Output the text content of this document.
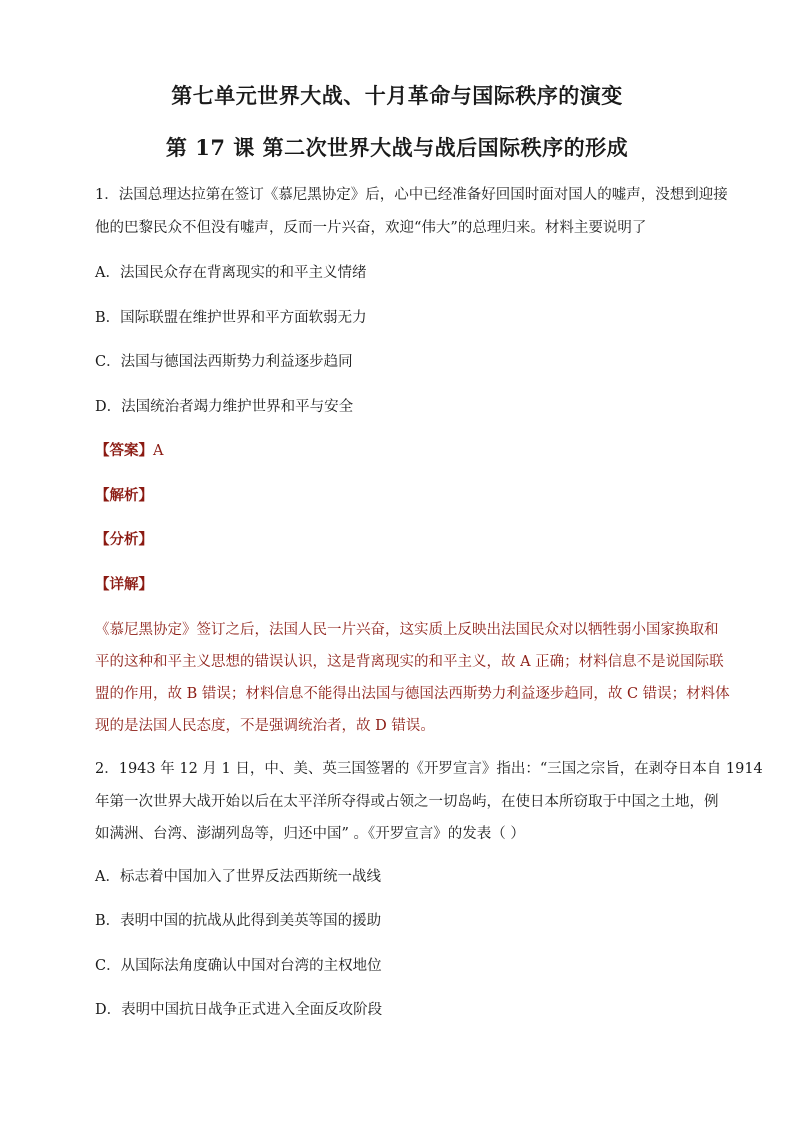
第七单元世界大战、十月革命与国际秩序的演变
第 17 课 第二次世界大战与战后国际秩序的形成
1．法国总理达拉第在签订《慕尼黑协定》后，心中已经准备好回国时面对国人的嘘声，没想到迎接
他的巴黎民众不但没有嘘声，反而一片兴奋，欢迎“伟大”的总理归来。材料主要说明了
A．法国民众存在背离现实的和平主义情绪
B．国际联盟在维护世界和平方面软弱无力
C．法国与德国法西斯势力利益逐步趋同
D．法国统治者竭力维护世界和平与安全
【答案】A
【解析】
【分析】
【详解】
《慕尼黑协定》签订之后，法国人民一片兴奋，这实质上反映出法国民众对以牺牲弱小国家换取和
平的这种和平主义思想的错误认识，这是背离现实的和平主义，故 A 正确；材料信息不是说国际联
盟的作用，故 B 错误；材料信息不能得出法国与德国法西斯势力利益逐步趋同，故 C 错误；材料体
现的是法国人民态度，不是强调统治者，故 D 错误。
2．1943 年 12 月 1 日，中、美、英三国签署的《开罗宣言》指出：“三国之宗旨，在剥夺日本自 1914
年第一次世界大战开始以后在太平洋所夺得或占领之一切岛屿，在使日本所窃取于中国之土地，例
如满洲、台湾、澎湖列岛等，归还中国” 。《开罗宣言》的发表（ ）
A．标志着中国加入了世界反法西斯统一战线
B．表明中国的抗战从此得到美英等国的援助
C．从国际法角度确认中国对台湾的主权地位
D．表明中国抗日战争正式进入全面反攻阶段
